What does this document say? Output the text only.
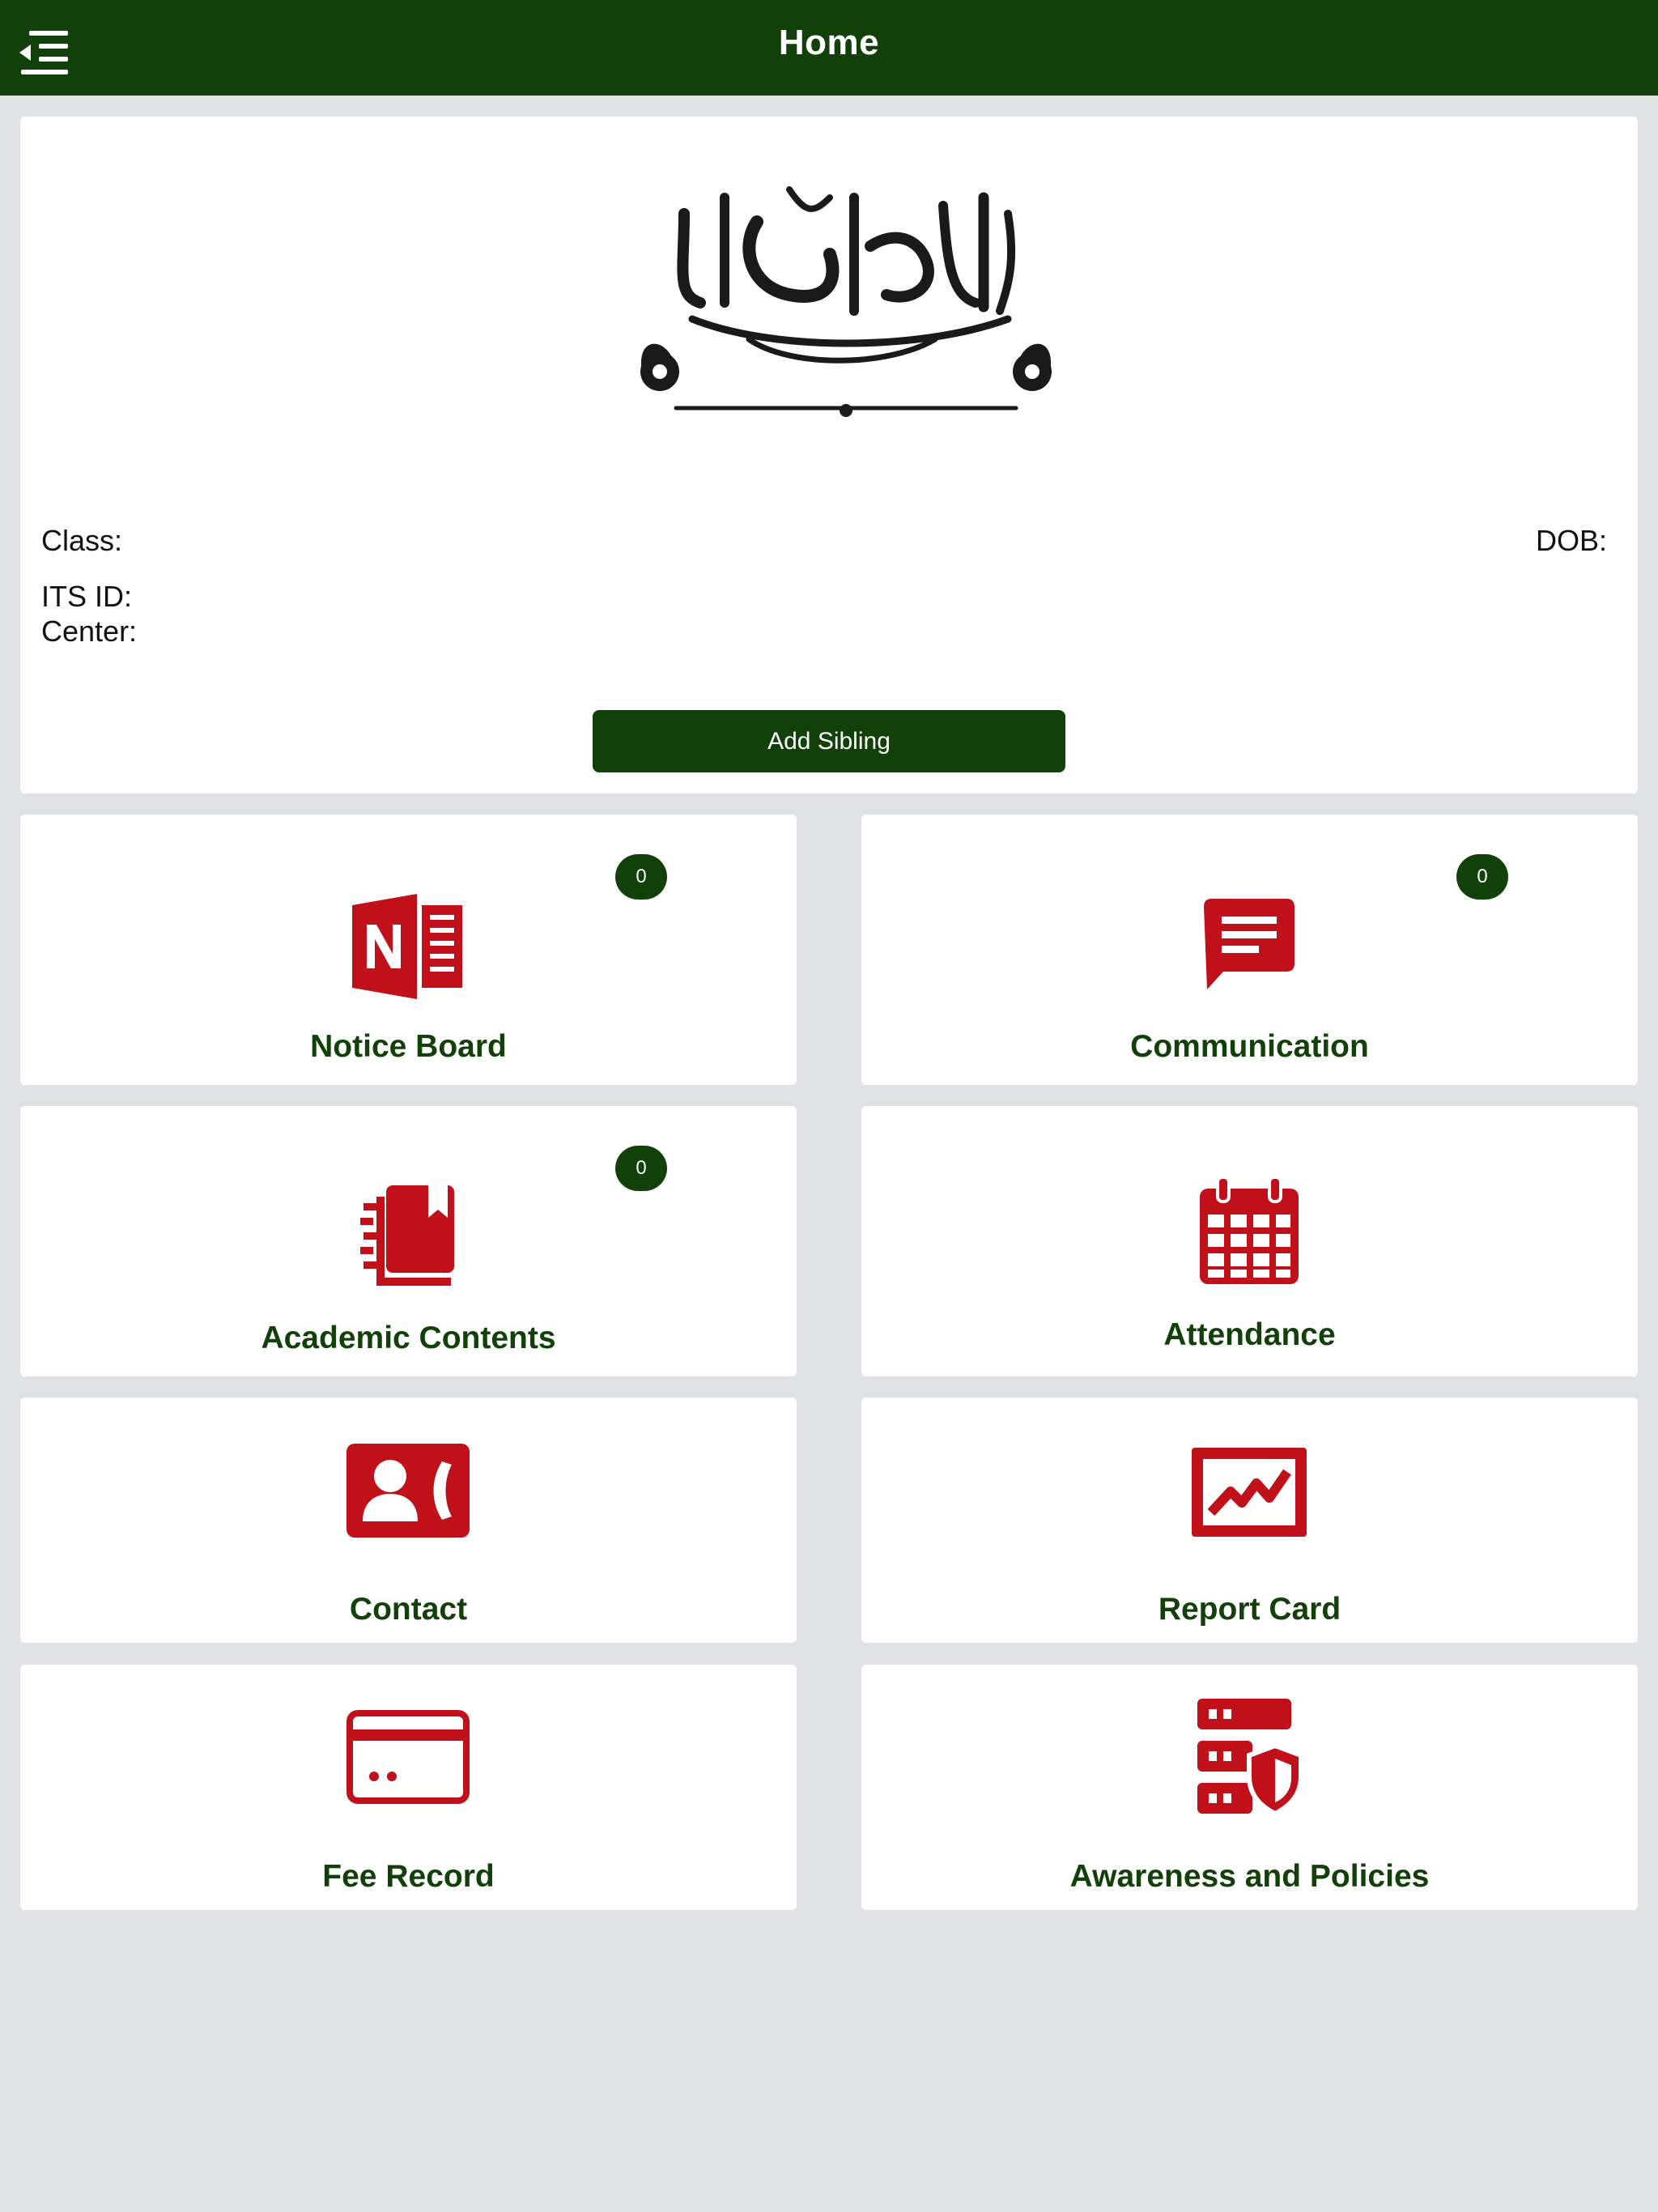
Home
Class:	DOB:
ITS ID:
Center:
Add Sibling
0
Notice Board
0
Communication
0
Academic Contents	Attendance
Contact	Report Card
Fee Record	Awareness and Policies
